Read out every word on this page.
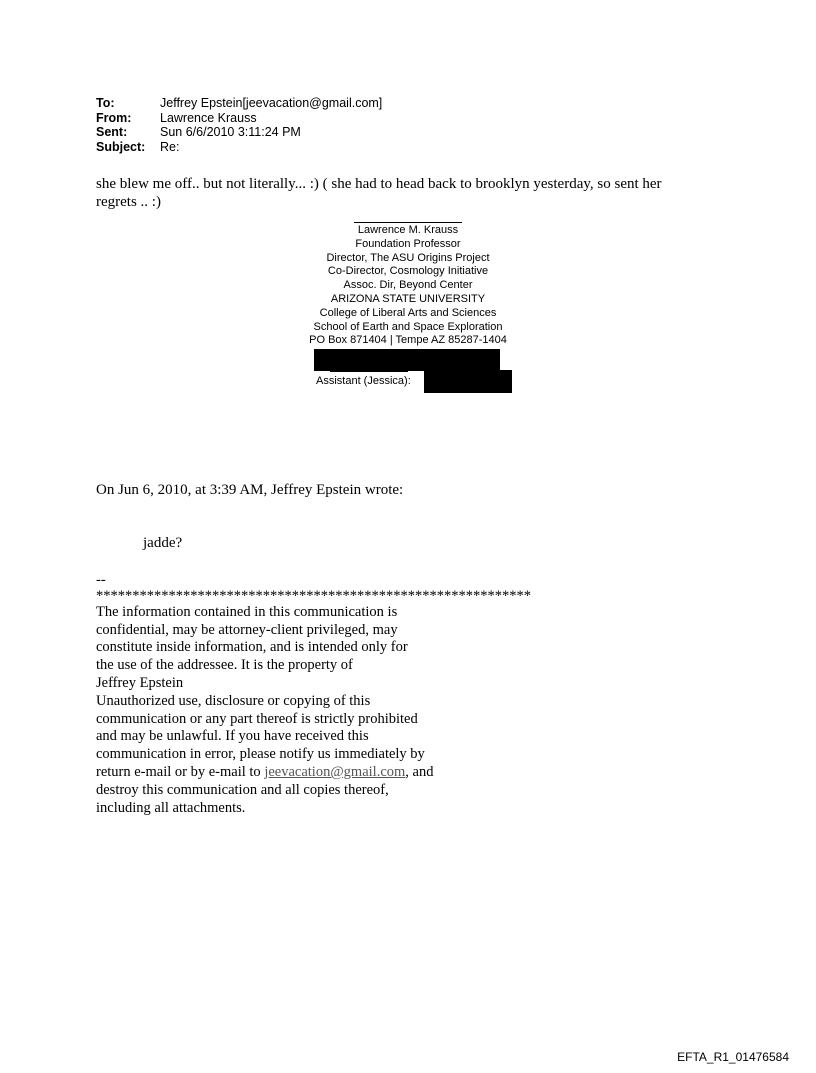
To:	Jeffrey Epstein[jeevacation@gmail.com]
From:	Lawrence Krauss
Sent:	Sun 6/6/2010 3:11:24 PM
Subject:	Re:
she blew me off.. but not literally... :) ( she had to head back to brooklyn yesterday, so sent her
regrets .. :)
Lawrence M. Krauss
Foundation Professor
Director, The ASU Origins Project
Co-Director, Cosmology Initiative
Assoc. Dir, Beyond Center
ARIZONA STATE UNIVERSITY
College of Liberal Arts and Sciences
School of Earth and Space Exploration
PO Box 871404 | Tempe AZ 85287-1404
Assistant (Jessica):
On Jun 6, 2010, at 3:39 AM, Jeffrey Epstein wrote:
jadde?
--
************************************************************
The information contained in this communication is
confidential, may be attorney-client privileged, may
constitute inside information, and is intended only for
the use of the addressee. It is the property of
Jeffrey Epstein
Unauthorized use, disclosure or copying of this
communication or any part thereof is strictly prohibited
and may be unlawful. If you have received this
communication in error, please notify us immediately by
return e-mail or by e-mail to jeevacation@gmail.com, and
destroy this communication and all copies thereof,
including all attachments.
EFTA_R1_01476584
